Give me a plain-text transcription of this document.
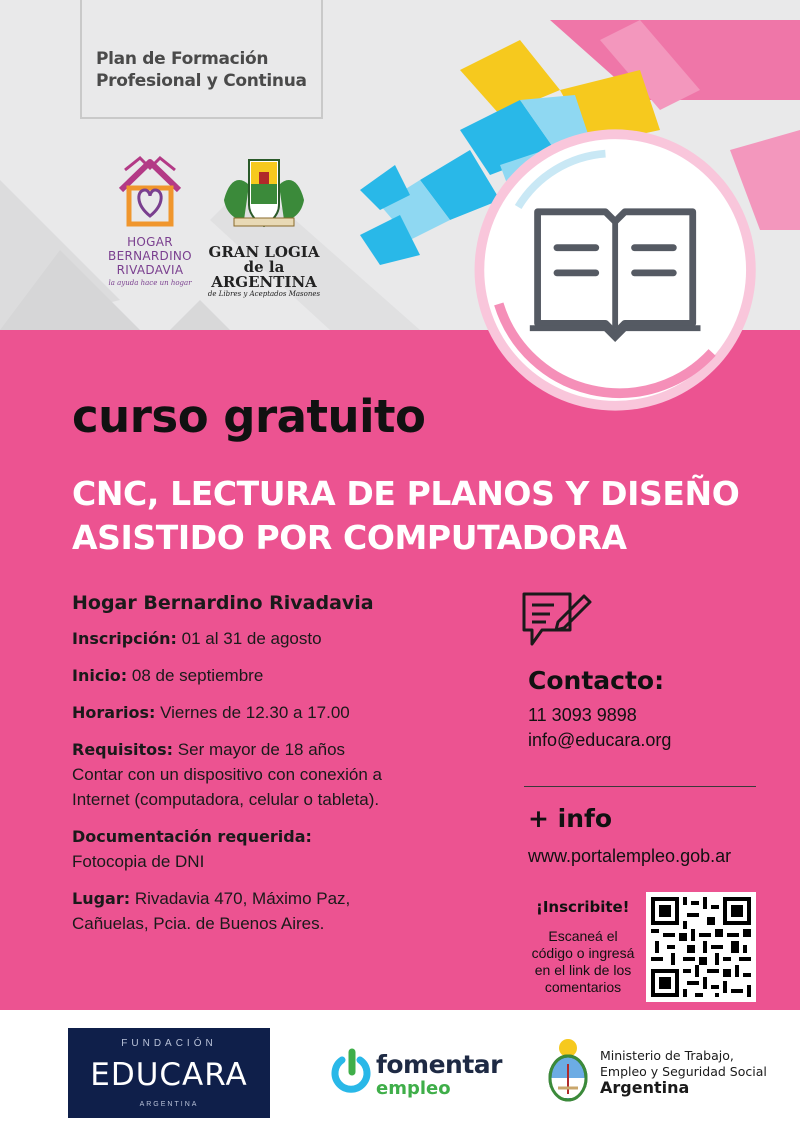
Plan de Formación
Profesional y Continua
HOGAR
BERNARDINO
RIVADAVIA
la ayuda hace un hogar
GRAN LOGIA
de la ARGENTINA
de Libres y Aceptados Masones
curso gratuito
CNC, LECTURA DE PLANOS Y DISEÑO
ASISTIDO POR COMPUTADORA
Hogar Bernardino Rivadavia
Inscripción: 01 al 31 de agosto
Inicio: 08 de septiembre
Horarios: Viernes de 12.30 a 17.00
Requisitos: Ser mayor de 18 años
Contar con un dispositivo con conexión a
Internet (computadora, celular o tableta).
Documentación requerida:
Fotocopia de DNI
Lugar: Rivadavia 470, Máximo Paz,
Cañuelas, Pcia. de Buenos Aires.
Contacto:
11 3093 9898
info@educara.org
+ info
www.portalempleo.gob.ar
¡Inscribite!
Escaneá el
código o ingresá
en el link de los
comentarios
FUNDACIÓN
EDUCARA
ARGENTINA
fomentar
empleo
Ministerio de Trabajo,
Empleo y Seguridad Social
Argentina
